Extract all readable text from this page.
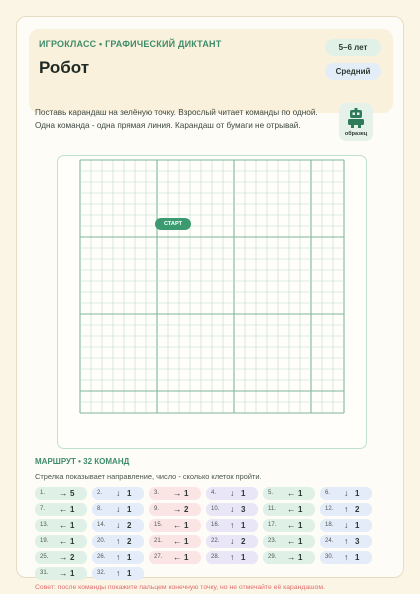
ИГРОКЛАСС • ГРАФИЧЕСКИЙ ДИКТАНТ
Робот
5–6 лет
Средний
Поставь карандаш на зелёную точку. Взрослый читает команды по одной. Одна команда - одна прямая линия. Карандаш от бумаги не отрывай.
образец
СТАРТ
МАРШРУТ • 32 КОМАНД
Стрелка показывает направление, число - сколько клеток пройти.
1. → 5	2. ↓ 1	3. → 1	4. ↓ 1	5. ← 1	6. ↓ 1
7. ← 1	8. ↓ 1	9. → 2	10. ↓ 3	11. ← 1	12. ↑ 2
13. ← 1	14. ↓ 2	15. ← 1	16. ↑ 1	17. ← 1	18. ↓ 1
19. ← 1	20. ↑ 2	21. ← 1	22. ↓ 2	23. ← 1	24. ↑ 3
25. → 2	26. ↑ 1	27. ← 1	28. ↑ 1	29. → 1	30. ↑ 1
31. → 1	32. ↑ 1
Совет: после команды покажите пальцем конечную точку, но не отмечайте её карандашом.
